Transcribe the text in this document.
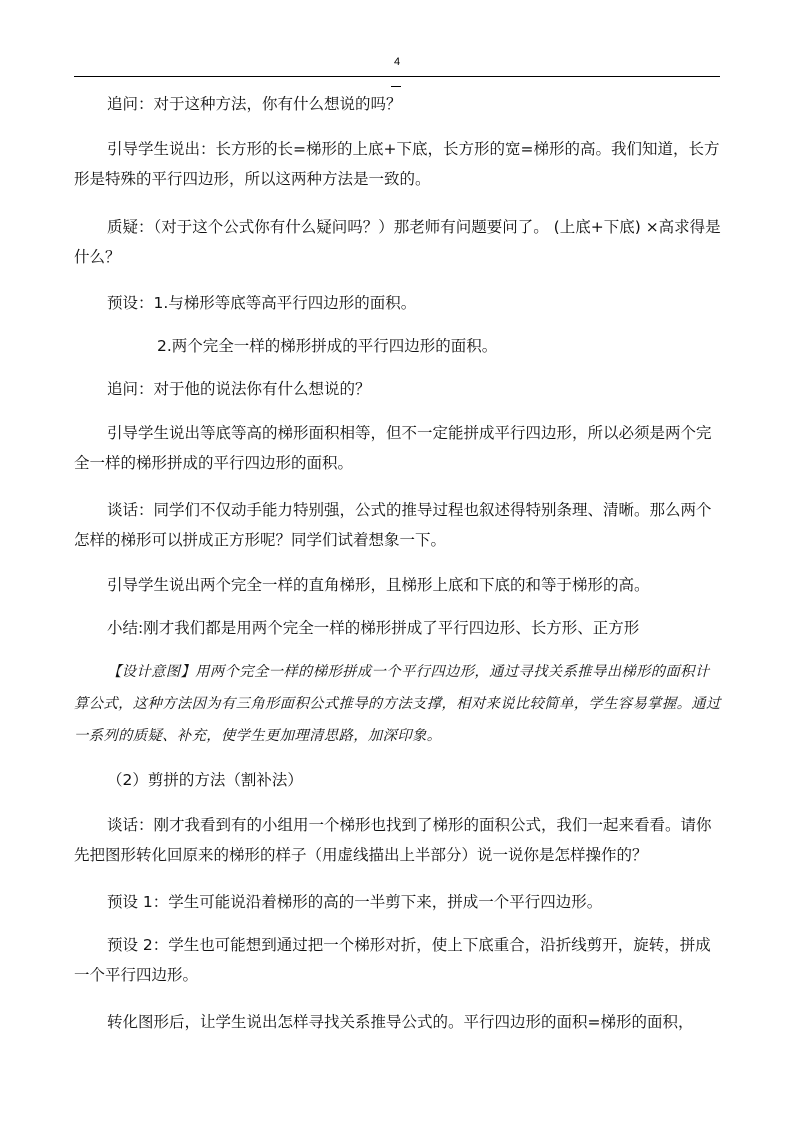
4

追问：对于这种方法，你有什么想说的吗？

引导学生说出：长方形的长=梯形的上底+下底，长方形的宽=梯形的高。我们知道，长方形是特殊的平行四边形，所以这两种方法是一致的。

质疑：（对于这个公式你有什么疑问吗？）那老师有问题要问了。 (上底+下底) ×高求得是什么？

预设：1.与梯形等底等高平行四边形的面积。

2.两个完全一样的梯形拼成的平行四边形的面积。

追问：对于他的说法你有什么想说的？

引导学生说出等底等高的梯形面积相等，但不一定能拼成平行四边形，所以必须是两个完全一样的梯形拼成的平行四边形的面积。

谈话：同学们不仅动手能力特别强，公式的推导过程也叙述得特别条理、清晰。那么两个怎样的梯形可以拼成正方形呢？同学们试着想象一下。

引导学生说出两个完全一样的直角梯形，且梯形上底和下底的和等于梯形的高。

小结:刚才我们都是用两个完全一样的梯形拼成了平行四边形、长方形、正方形

【设计意图】用两个完全一样的梯形拼成一个平行四边形，通过寻找关系推导出梯形的面积计算公式，这种方法因为有三角形面积公式推导的方法支撑，相对来说比较简单，学生容易掌握。通过一系列的质疑、补充，使学生更加理清思路，加深印象。

（2）剪拼的方法（割补法）

谈话：刚才我看到有的小组用一个梯形也找到了梯形的面积公式，我们一起来看看。请你先把图形转化回原来的梯形的样子（用虚线描出上半部分）说一说你是怎样操作的？

预设 1：学生可能说沿着梯形的高的一半剪下来，拼成一个平行四边形。

预设 2：学生也可能想到通过把一个梯形对折，使上下底重合，沿折线剪开，旋转，拼成一个平行四边形。

转化图形后，让学生说出怎样寻找关系推导公式的。平行四边形的面积=梯形的面积，
